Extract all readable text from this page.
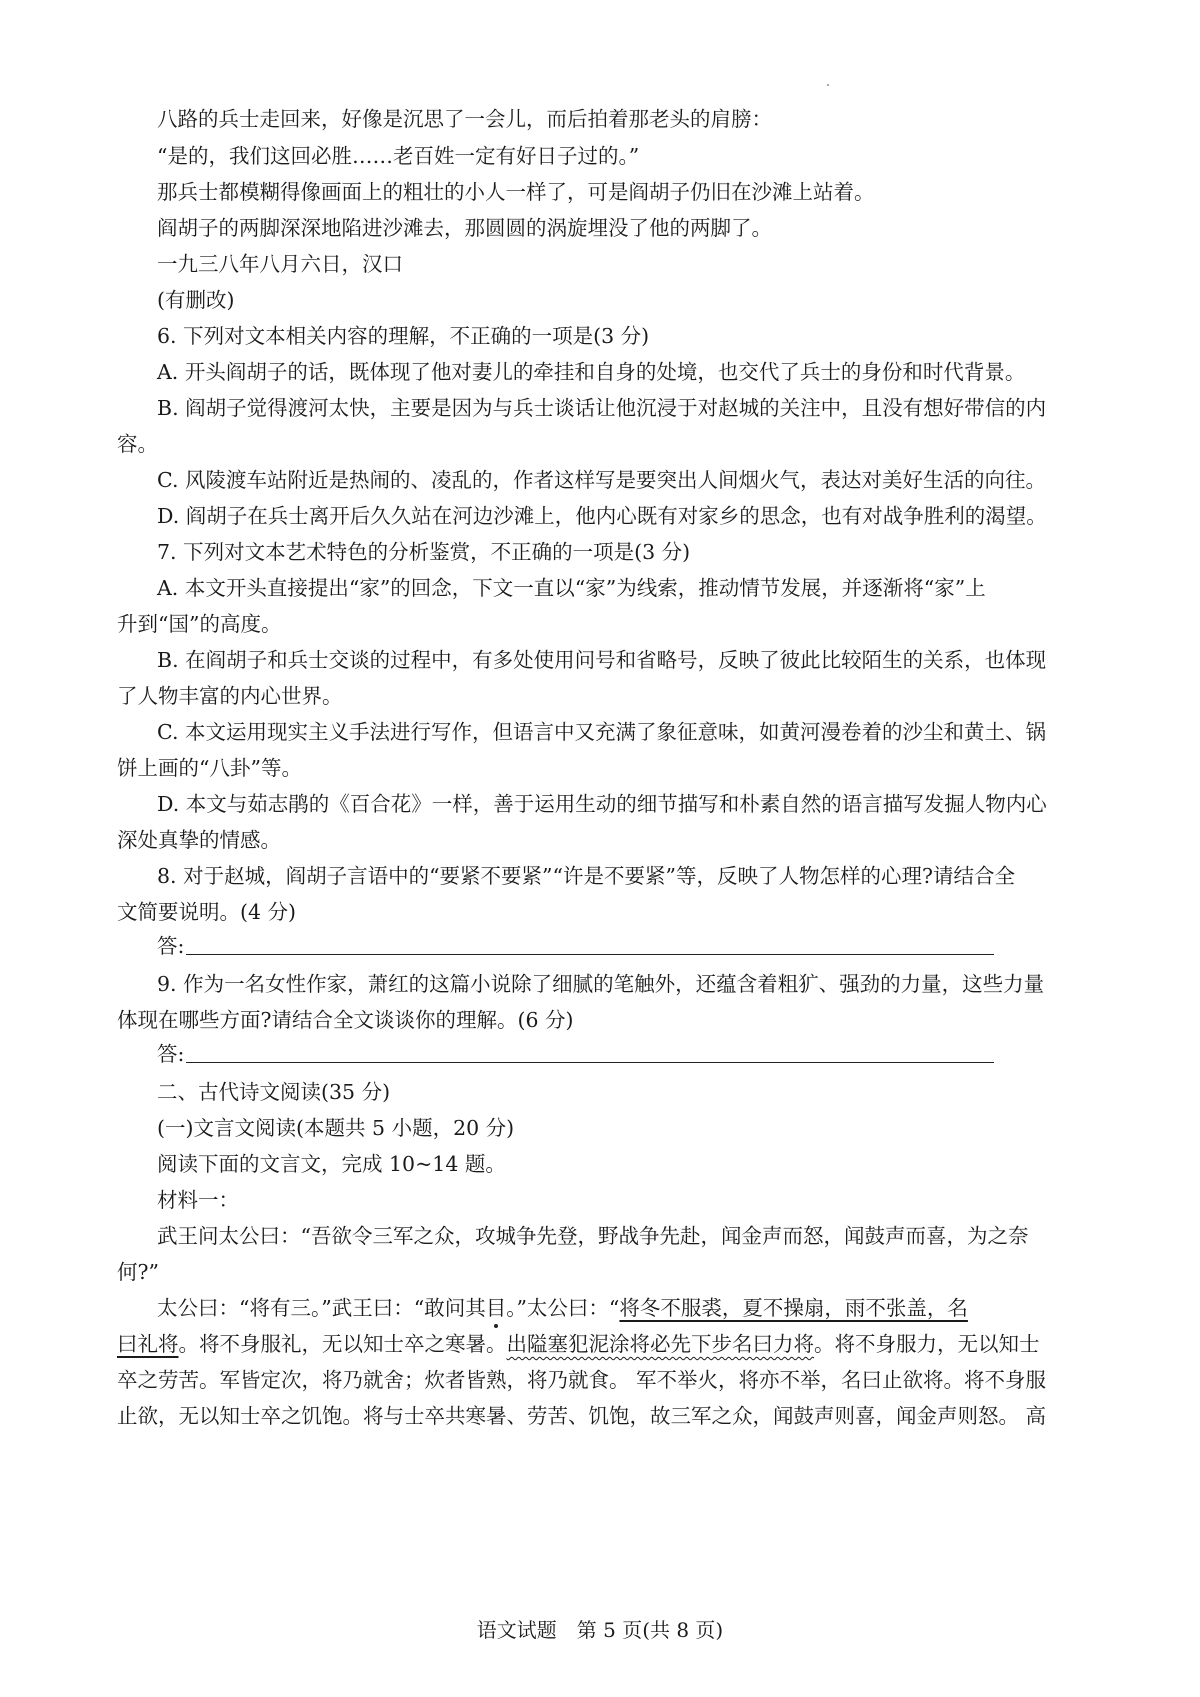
八路的兵士走回来，好像是沉思了一会儿，而后拍着那老头的肩膀：
“是的，我们这回必胜……老百姓一定有好日子过的。”
那兵士都模糊得像画面上的粗壮的小人一样了，可是阎胡子仍旧在沙滩上站着。
阎胡子的两脚深深地陷进沙滩去，那圆圆的涡旋埋没了他的两脚了。
一九三八年八月六日，汉口
(有删改)
6. 下列对文本相关内容的理解，不正确的一项是(3 分)
A. 开头阎胡子的话，既体现了他对妻儿的牵挂和自身的处境，也交代了兵士的身份和时代背景。
B. 阎胡子觉得渡河太快，主要是因为与兵士谈话让他沉浸于对赵城的关注中，且没有想好带信的内
容。
C. 风陵渡车站附近是热闹的、凌乱的，作者这样写是要突出人间烟火气，表达对美好生活的向往。
D. 阎胡子在兵士离开后久久站在河边沙滩上，他内心既有对家乡的思念，也有对战争胜利的渴望。
7. 下列对文本艺术特色的分析鉴赏，不正确的一项是(3 分)
A. 本文开头直接提出“家”的回念，下文一直以“家”为线索，推动情节发展，并逐渐将“家”上
升到“国”的高度。
B. 在阎胡子和兵士交谈的过程中，有多处使用问号和省略号，反映了彼此比较陌生的关系，也体现
了人物丰富的内心世界。
C. 本文运用现实主义手法进行写作，但语言中又充满了象征意味，如黄河漫卷着的沙尘和黄土、锅
饼上画的“八卦”等。
D. 本文与茹志鹃的《百合花》一样，善于运用生动的细节描写和朴素自然的语言描写发掘人物内心
深处真挚的情感。
8. 对于赵城，阎胡子言语中的“要紧不要紧”“许是不要紧”等，反映了人物怎样的心理?请结合全
文简要说明。(4 分)
答:
9. 作为一名女性作家，萧红的这篇小说除了细腻的笔触外，还蕴含着粗犷、强劲的力量，这些力量
体现在哪些方面?请结合全文谈谈你的理解。(6 分)
答:
二、古代诗文阅读(35 分)
(一)文言文阅读(本题共 5 小题，20 分)
阅读下面的文言文，完成 10~14 题。
材料一：
武王问太公曰：“吾欲令三军之众，攻城争先登，野战争先赴，闻金声而怒，闻鼓声而喜，为之奈
何?”
太公曰：“将有三。”武王曰：“敢问其目。”太公曰：“将冬不服裘，夏不操扇，雨不张盖，名
曰礼将。将不身服礼，无以知士卒之寒暑。出隘塞犯泥涂将必先下步名曰力将。将不身服力，无以知士
卒之劳苦。军皆定次，将乃就舍；炊者皆熟，将乃就食。 军不举火，将亦不举，名曰止欲将。将不身服
止欲，无以知士卒之饥饱。将与士卒共寒暑、劳苦、饥饱，故三军之众，闻鼓声则喜，闻金声则怒。 高
语文试题　第 5 页(共 8 页)
